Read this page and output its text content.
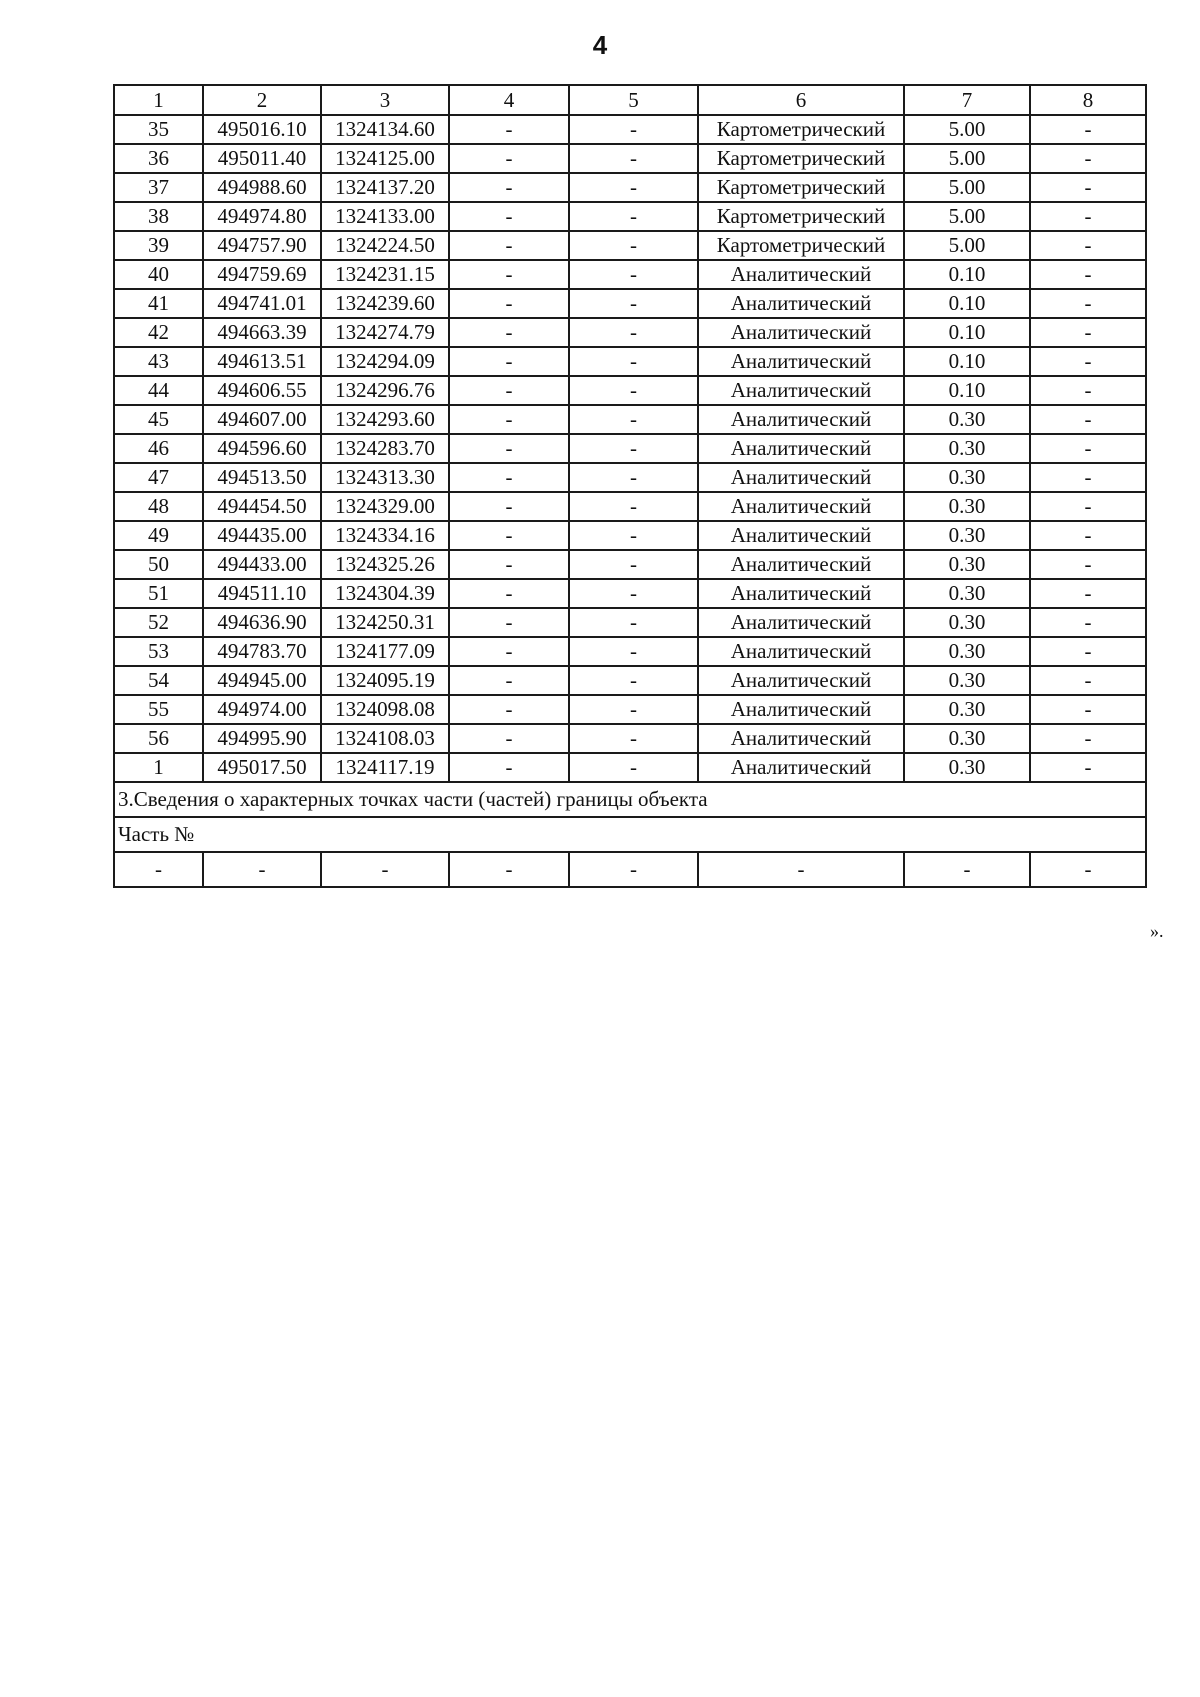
4
1	2	3	4	5	6	7	8
35	495016.10	1324134.60	-	-	Картометрический	5.00	-
36	495011.40	1324125.00	-	-	Картометрический	5.00	-
37	494988.60	1324137.20	-	-	Картометрический	5.00	-
38	494974.80	1324133.00	-	-	Картометрический	5.00	-
39	494757.90	1324224.50	-	-	Картометрический	5.00	-
40	494759.69	1324231.15	-	-	Аналитический	0.10	-
41	494741.01	1324239.60	-	-	Аналитический	0.10	-
42	494663.39	1324274.79	-	-	Аналитический	0.10	-
43	494613.51	1324294.09	-	-	Аналитический	0.10	-
44	494606.55	1324296.76	-	-	Аналитический	0.10	-
45	494607.00	1324293.60	-	-	Аналитический	0.30	-
46	494596.60	1324283.70	-	-	Аналитический	0.30	-
47	494513.50	1324313.30	-	-	Аналитический	0.30	-
48	494454.50	1324329.00	-	-	Аналитический	0.30	-
49	494435.00	1324334.16	-	-	Аналитический	0.30	-
50	494433.00	1324325.26	-	-	Аналитический	0.30	-
51	494511.10	1324304.39	-	-	Аналитический	0.30	-
52	494636.90	1324250.31	-	-	Аналитический	0.30	-
53	494783.70	1324177.09	-	-	Аналитический	0.30	-
54	494945.00	1324095.19	-	-	Аналитический	0.30	-
55	494974.00	1324098.08	-	-	Аналитический	0.30	-
56	494995.90	1324108.03	-	-	Аналитический	0.30	-
1	495017.50	1324117.19	-	-	Аналитический	0.30	-
3.Сведения о характерных точках части (частей) границы объекта							
Часть №							
-	-	-	-	-	-	-	-
».
